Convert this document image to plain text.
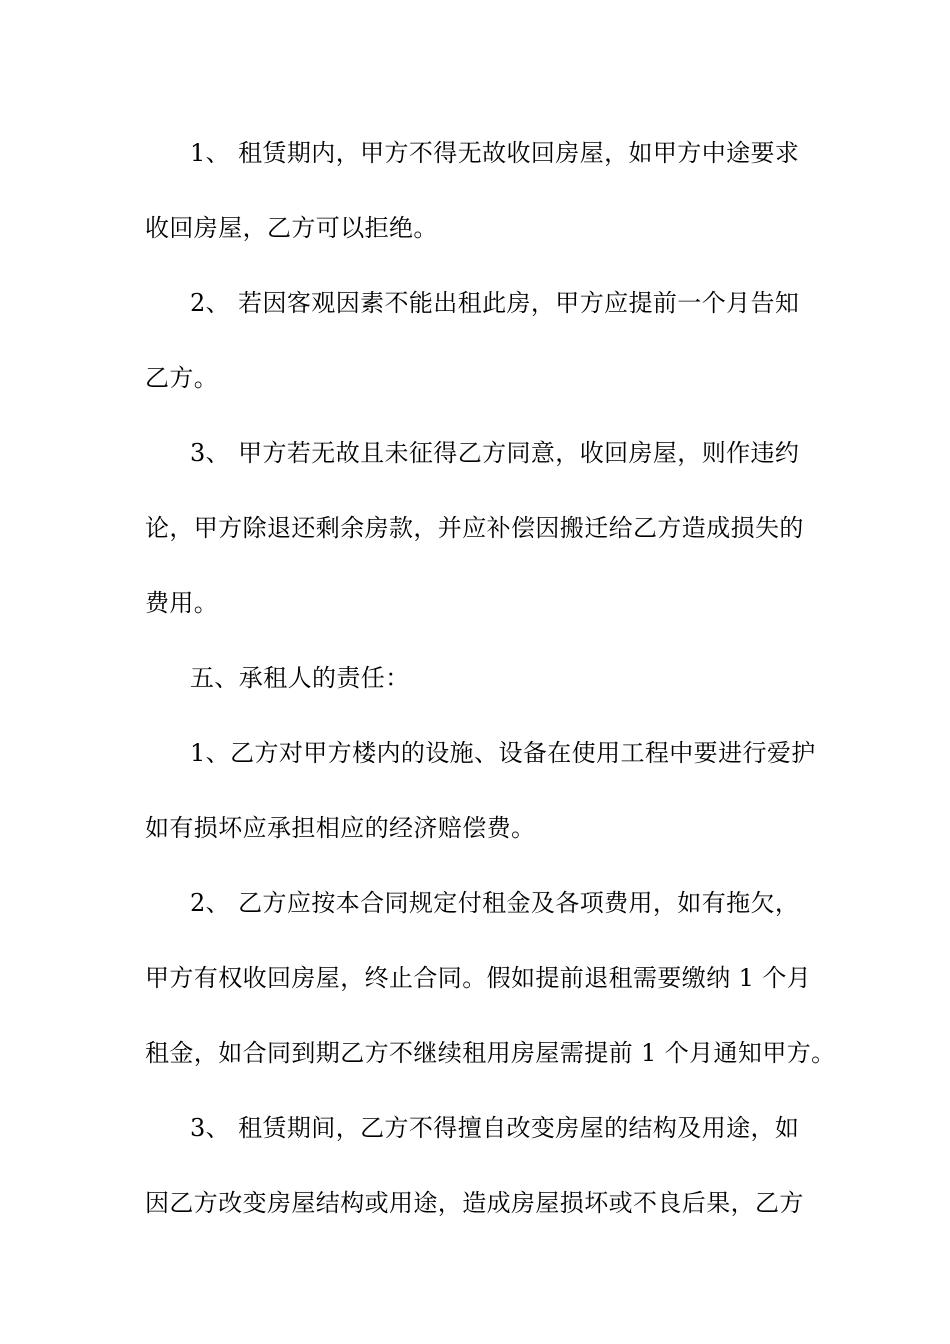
1、 租赁期内，甲方不得无故收回房屋，如甲方中途要求
收回房屋，乙方可以拒绝。
2、 若因客观因素不能出租此房，甲方应提前一个月告知
乙方。
3、 甲方若无故且未征得乙方同意，收回房屋，则作违约
论，甲方除退还剩余房款，并应补偿因搬迁给乙方造成损失的
费用。
五、承租人的责任：
1、乙方对甲方楼内的设施、设备在使用工程中要进行爱护
如有损坏应承担相应的经济赔偿费。
2、 乙方应按本合同规定付租金及各项费用，如有拖欠，
甲方有权收回房屋，终止合同。假如提前退租需要缴纳 1 个月
租金，如合同到期乙方不继续租用房屋需提前 1 个月通知甲方。
3、 租赁期间，乙方不得擅自改变房屋的结构及用途，如
因乙方改变房屋结构或用途，造成房屋损坏或不良后果，乙方
